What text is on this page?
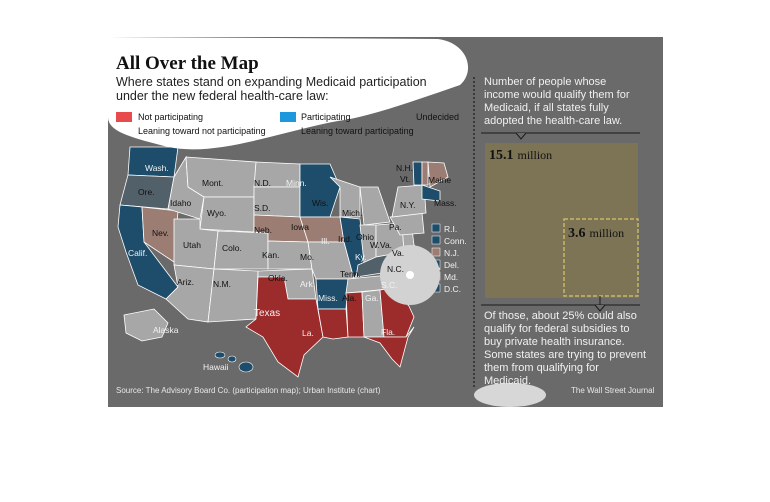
All Over the Map
Where states stand on expanding Medicaid participation under the new federal health-care law:
Not participating
Leaning toward not participating
Participating
Leaning toward participating
Undecided
Wash.
Ore.
Calif.
Nev.
Idaho
Mont.
Wyo.
Utah Colo.
Ariz. N.M.
N.D.
S.D.
Neb.
Kan.
Okla.
Texas
Minn.
Iowa
Mo.
Ark.
La.
Wis.
Ill.
Mich.
Ind. Ohio
Ky.
Tenn.
Miss. Ala. Ga.
Fla.
S.C.
N.C.
Va.
W.Va.
Pa.
N.Y.
N.H.
Vt. Maine
Mass.
Alaska
Hawaii
R.I.
Conn.
N.J.
Del.
Md.
D.C.
Number of people whose income would qualify them for Medicaid, if all states fully adopted the health-care law.
15.1 million
3.6 million
Of those, about 25% could also qualify for federal subsidies to buy private health insurance. Some states are trying to prevent them from qualifying for Medicaid.
Source: The Advisory Board Co. (participation map); Urban Institute (chart)	The Wall Street Journal
